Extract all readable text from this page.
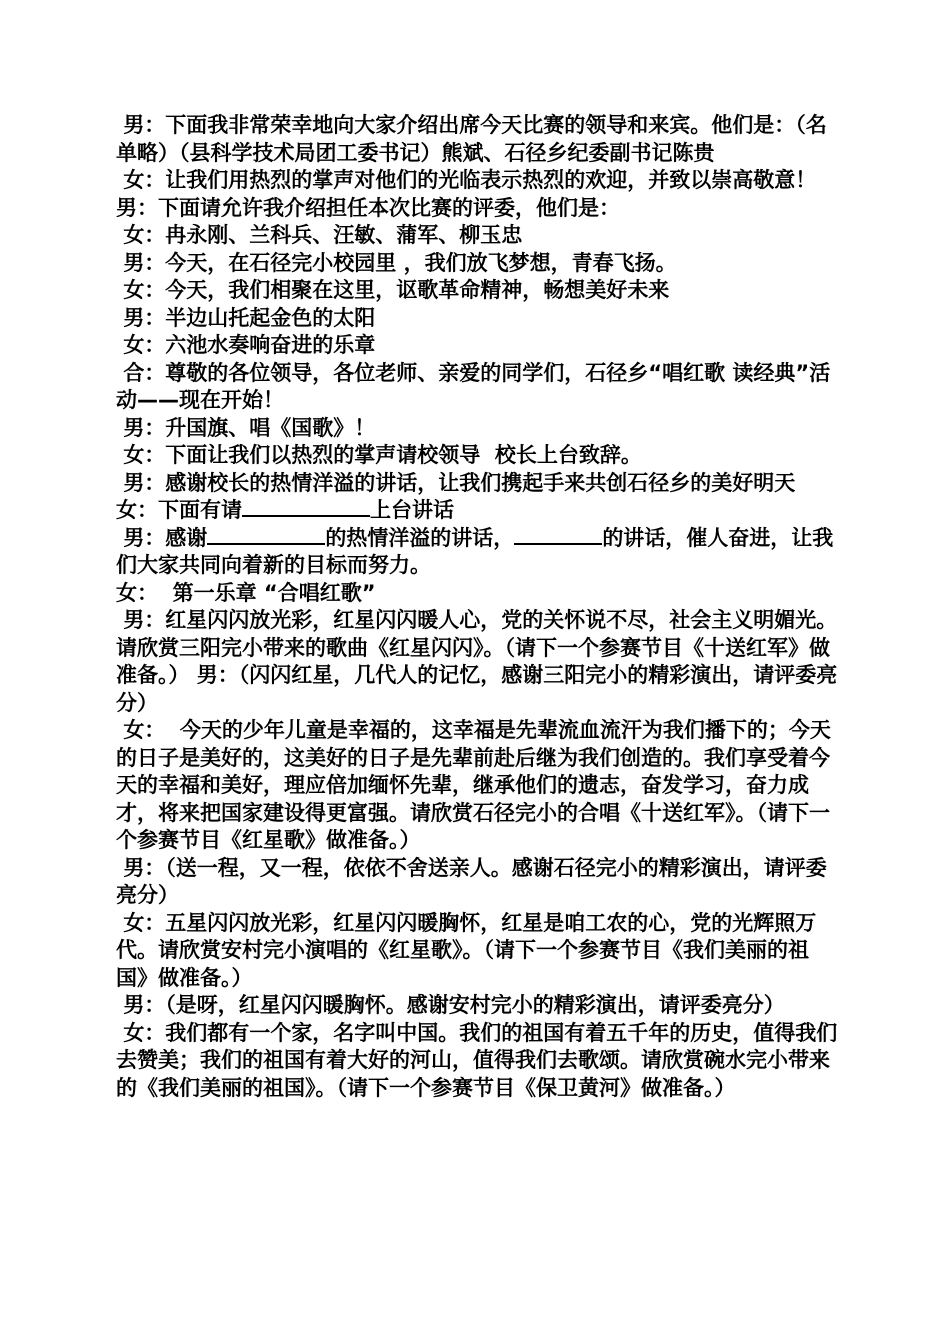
男：下面我非常荣幸地向大家介绍出席今天比赛的领导和来宾。他们是：（名单略）（县科学技术局团工委书记）熊斌、石径乡纪委副书记陈贵

女：让我们用热烈的掌声对他们的光临表示热烈的欢迎，并致以崇高敬意！ 男：下面请允许我介绍担任本次比赛的评委，他们是：

女：冉永刚、兰科兵、汪敏、蒲军、柳玉忠

男：今天，在石径完小校园里 ，我们放飞梦想，青春飞扬。

女：今天，我们相聚在这里，讴歌革命精神，畅想美好未来

男：半边山托起金色的太阳

女：六池水奏响奋进的乐章

合：尊敬的各位领导，各位老师、亲爱的同学们，石径乡“唱红歌 读经典”活动——现在开始！

男：升国旗、唱《国歌》！

女：下面让我们以热烈的掌声请校领导  校长上台致辞。

男：感谢校长的热情洋溢的讲话，让我们携起手来共创石径乡的美好明天 女：下面有请	上台讲话

男：感谢	的热情洋溢的讲话，	的讲话，催人奋进，让我们大家共同向着新的目标而努力。

女：  第一乐章 “合唱红歌”

男：红星闪闪放光彩，红星闪闪暖人心，党的关怀说不尽，社会主义明媚光。请欣赏三阳完小带来的歌曲《红星闪闪》。（请下一个参赛节目《十送红军》做准备。） 男：（闪闪红星，几代人的记忆，感谢三阳完小的精彩演出，请评委亮分）

女：  今天的少年儿童是幸福的，这幸福是先辈流血流汗为我们播下的；今天的日子是美好的，这美好的日子是先辈前赴后继为我们创造的。我们享受着今天的幸福和美好，理应倍加缅怀先辈，继承他们的遗志，奋发学习，奋力成才，将来把国家建设得更富强。请欣赏石径完小的合唱《十送红军》。（请下一个参赛节目《红星歌》做准备。）

男：（送一程，又一程，依依不舍送亲人。感谢石径完小的精彩演出，请评委亮分）

女：五星闪闪放光彩，红星闪闪暖胸怀，红星是咱工农的心，党的光辉照万代。请欣赏安村完小演唱的《红星歌》。（请下一个参赛节目《我们美丽的祖国》做准备。）

男：（是呀，红星闪闪暖胸怀。感谢安村完小的精彩演出，请评委亮分）

女：我们都有一个家，名字叫中国。我们的祖国有着五千年的历史，值得我们去赞美；我们的祖国有着大好的河山，值得我们去歌颂。请欣赏碗水完小带来的《我们美丽的祖国》。（请下一个参赛节目《保卫黄河》做准备。）
